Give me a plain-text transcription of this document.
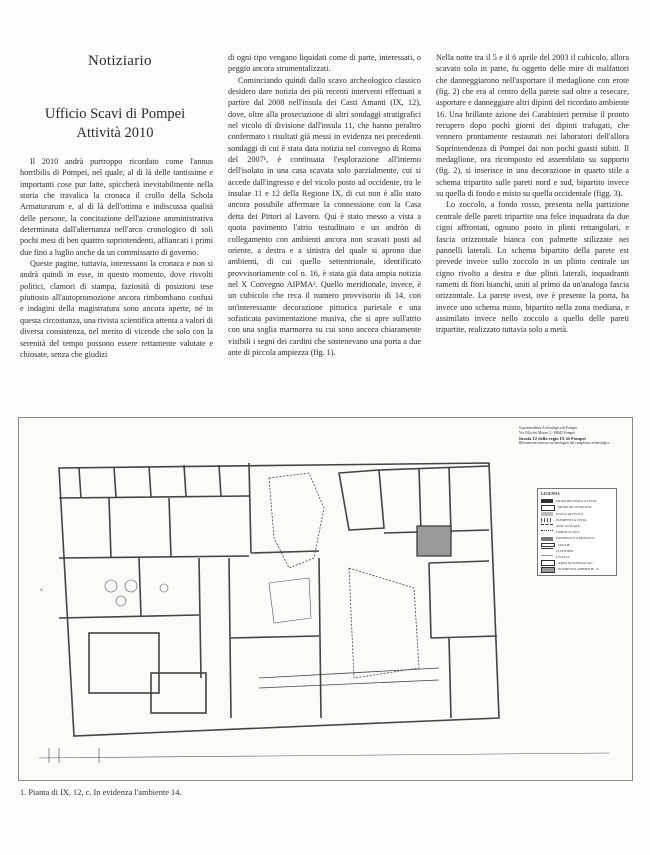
Notiziario
Ufficio Scavi di Pompei
Attività 2010

Il 2010 andrà purtroppo ricordato come l'annus horribilis di Pompei, nel quale, al di là delle tantissime e importanti cose pur fatte, spiccherà inevitabilmente nella storia che travalica la cronaca il crollo della Schola Armaturarum e, al di là dell'ottima e indiscussa qualità delle persone, la concitazione dell'azione amministrativa determinata dall'alternanza nell'arco cronologico di soli pochi mesi di ben quattro soprintendenti, affiancati i primi due fino a luglio anche da un commissario di governo.

Queste pagine, tuttavia, interessano la cronaca e non si andrà quindi in esse, in questo momento, dove risvolti politici, clamori di stampa, faziosità di posizioni tese piuttosto all'autopromozione ancora rimbombano confusi e indagini della magistratura sono ancora aperte, né in questa circostanza, una rivista scientifica attenta a valori di diversa consistenza, nel merito di vicende che solo con la serenità del tempo possono essere rettamente valutate e chiosate, senza che giudizi

di ogni tipo vengano liquidati come di parte, interessati, o peggio ancora strumentalizzati.

Cominciando quindi dallo scavo archeologico classico desidero dare notizia dei più recenti interventi effettuati a partire dal 2008 nell'insula dei Casti Amanti (IX, 12), dove, oltre alla prosecuzione di altri sondaggi stratigrafici nel vicolo di divisione dall'insula 11, che hanno peraltro confermato i risultati già messi in evidenza nei precedenti sondaggi di cui è stata data notizia nel convegno di Roma del 2007¹, è continuata l'esplorazione all'interno dell'isolato in una casa scavata solo parzialmente, cui si accede dall'ingresso e del vicolo posto ad occidente, tra le insulae 11 e 12 della Regione IX, di cui non è allo stato ancora possibile affermare la connessione con la Casa detta dei Pittori al Lavoro. Qui è stato messo a vista a quota pavimento l'atrio testudinato e un andròn di collegamento con ambienti ancora non scavati posti ad oriente, a destra e a sinistra del quale si aprono due ambienti, di cui quello settentrionale, identificato provvisoriamente col n. 16, è stata già data ampia notizia nel X Convegno AIPMA². Quello meridionale, invece, è un cubicolo che reca il numero provvisorio di 14, con un'interessante decorazione pittorica parietale e una sofisticata pavimentazione musiva, che si apre sull'atrio con una soglia marmorea su cui sono ancora chiaramente visibili i segni dei cardini che sostenevano una porta a due ante di piccola ampiezza (fig. 1).

Nella notte tra il 5 e il 6 aprile del 2003 il cubicolo, allora scavato solo in parte, fu oggetto delle mire di malfattori che danneggiarono nell'asportare il medaglione con erote (fig. 2) che era al centro della parete sud oltre a resecare, asportare e danneggiare altri dipinti del ricordato ambiente 16. Una brillante azione dei Carabinieri permise il pronto recupero dopo pochi giorni dei dipinti trafugati, che vennero prontamente restaurati nei laboratori dell'allora Soprintendenza di Pompei dai non pochi guasti subiti. Il medaglione, ora ricomposto ed assemblato su supporto (fig. 2), si inserisce in una decorazione in quarto stile a schema tripartito sulle pareti nord e sud, bipartito invece su quella di fondo e misto su quella occidentale (figg. 3).

Lo zoccolo, a fondo rosso, presenta nella partizione centrale delle pareti tripartite una felce inquadrata da due cigni affrontati, ognuno posto in plinti rettangolari, e fascia orizzontale bianca con palmette stilizzate nei pannelli laterali. Lo schema bipartito della parete est prevede invece sullo zoccolo in un plinto centrale un cigno rivolto a destra e due plinti laterali, inquadranti rametti di fiori bianchi, uniti al primo da un'analoga fascia orizzontale. La parete ovest, ove è presente la porta, ha invece uno schema misto, bipartito nella zona mediana, e assimilato invece nello zoccolo a quello delle pareti tripartite, realizzato tuttavia solo a metà.

N
Soprintendenza Archeologica di Pompei
Via Villa dei Misteri 2 - 80045 Pompei
Insula 12 della regio IX di Pompei
Rilevamento metrico-archeologico del complesso archeologico
LEGENDA
MURO RILEVATO A VISTA
MURO RICOSTRUITO
SCAVO ATTIVITÀ
ELEMENTI A VISTA
ASSE ATTUALE
LIMITE SCAVO
PAVIMENTO A MOSAICO
SOGLIE
CONTORNI
LIVELLI
AREA DI SONDAGGIO
ELEMENTO AMBIENTE 14
1. Pianta di IX, 12, c. In evidenza l'ambiente 14.
